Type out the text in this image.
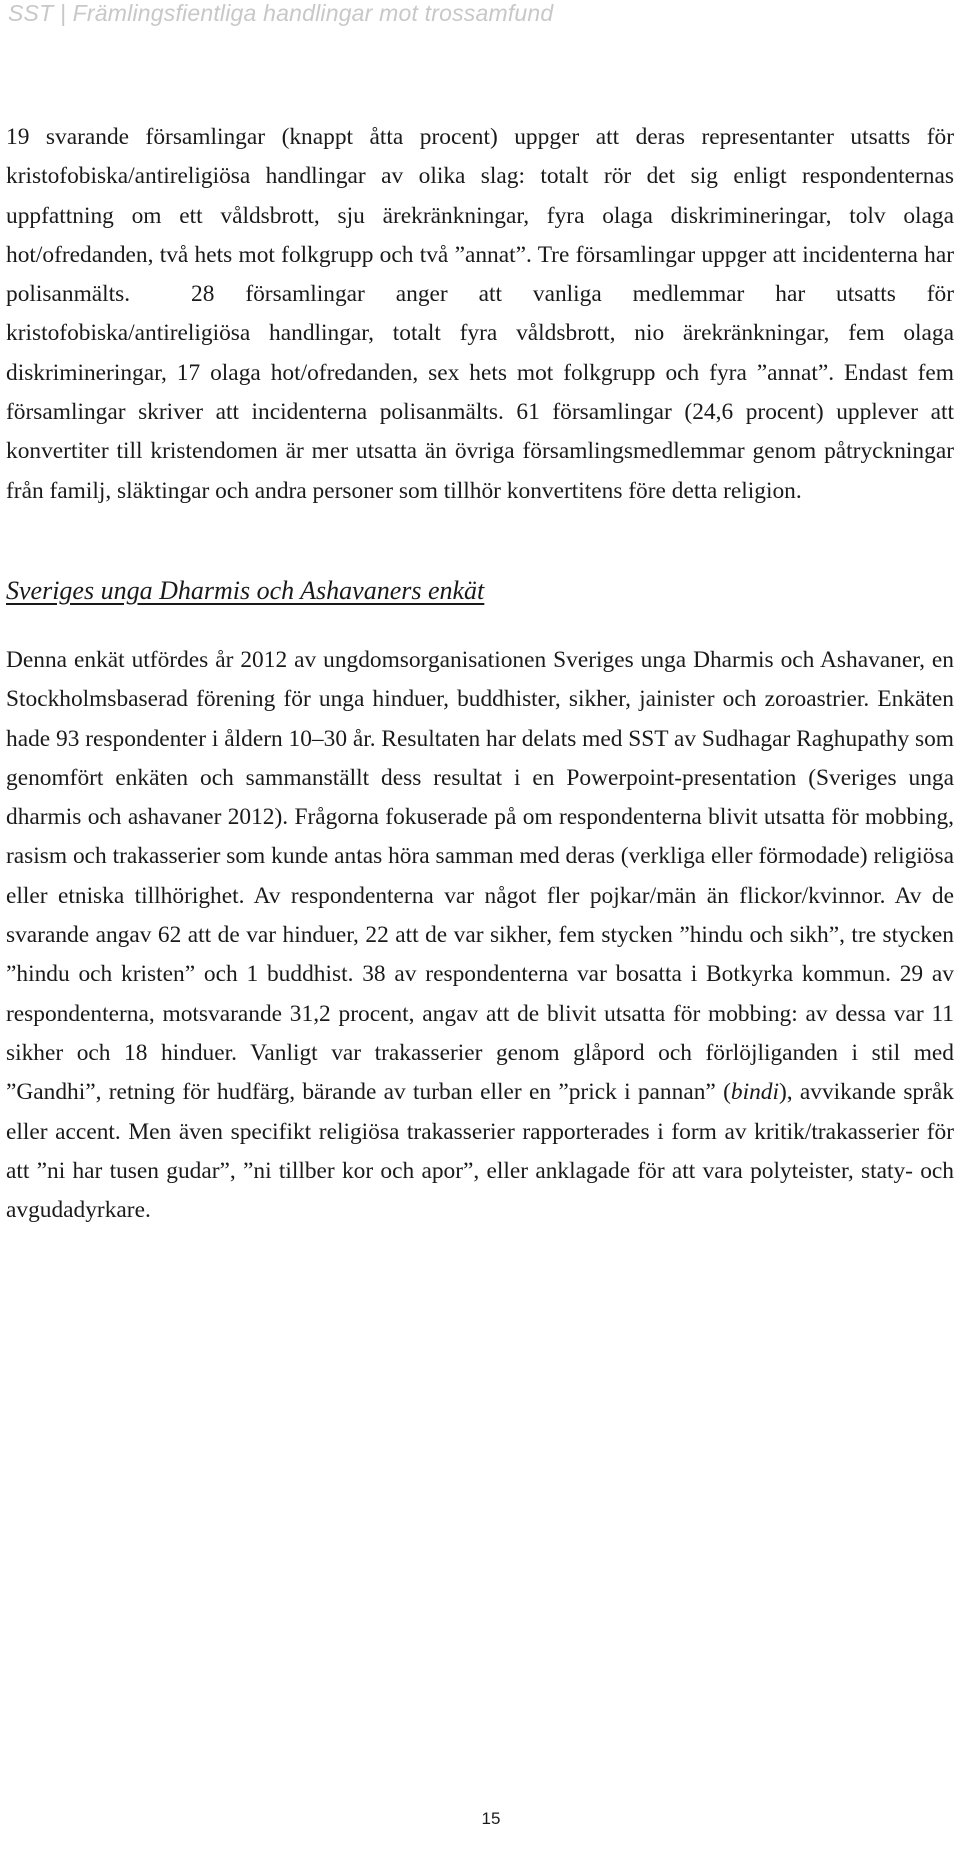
SST | Främlingsfientliga handlingar mot trossamfund

19 svarande församlingar (knappt åtta procent) uppger att deras representanter utsatts för kristofobiska/antireligiösa handlingar av olika slag: totalt rör det sig enligt respondenternas uppfattning om ett våldsbrott, sju ärekränkningar, fyra olaga diskrimineringar, tolv olaga hot/ofredanden, två hets mot folkgrupp och två ”annat”. Tre församlingar uppger att incidenterna har polisanmälts.	28 församlingar anger att vanliga medlemmar har utsatts för kristofobiska/antireligiösa handlingar, totalt fyra våldsbrott, nio ärekränkningar, fem olaga diskrimineringar, 17 olaga hot/ofredanden, sex hets mot folkgrupp och fyra ”annat”. Endast fem församlingar skriver att incidenterna polisanmälts. 61 församlingar (24,6 procent) upplever att konvertiter till kristendomen är mer utsatta än övriga församlingsmedlemmar genom påtryckningar från familj, släktingar och andra personer som tillhör konvertitens före detta religion.

Sveriges unga Dharmis och Ashavaners enkät

Denna enkät utfördes år 2012 av ungdomsorganisationen Sveriges unga Dharmis och Ashavaner, en Stockholmsbaserad förening för unga hinduer, buddhister, sikher, jainister och zoroastrier. Enkäten hade 93 respondenter i åldern 10–30 år. Resultaten har delats med SST av Sudhagar Raghupathy som genomfört enkäten och sammanställt dess resultat i en Powerpoint-presentation (Sveriges unga dharmis och ashavaner 2012). Frågorna fokuserade på om respondenterna blivit utsatta för mobbing, rasism och trakasserier som kunde antas höra samman med deras (verkliga eller förmodade) religiösa eller etniska tillhörighet. Av respondenterna var något fler pojkar/män än flickor/kvinnor. Av de svarande angav 62 att de var hinduer, 22 att de var sikher, fem stycken ”hindu och sikh”, tre stycken ”hindu och kristen” och 1 buddhist. 38 av respondenterna var bosatta i Botkyrka kommun. 29 av respondenterna, motsvarande 31,2 procent, angav att de blivit utsatta för mobbing: av dessa var 11 sikher och 18 hinduer. Vanligt var trakasserier genom glåpord och förlöjliganden i stil med ”Gandhi”, retning för hudfärg, bärande av turban eller en ”prick i pannan” (bindi), avvikande språk eller accent. Men även specifikt religiösa trakasserier rapporterades i form av kritik/trakasserier för att ”ni har tusen gudar”, ”ni tillber kor och apor”, eller anklagade för att vara polyteister, staty- och avgudadyrkare.

15
